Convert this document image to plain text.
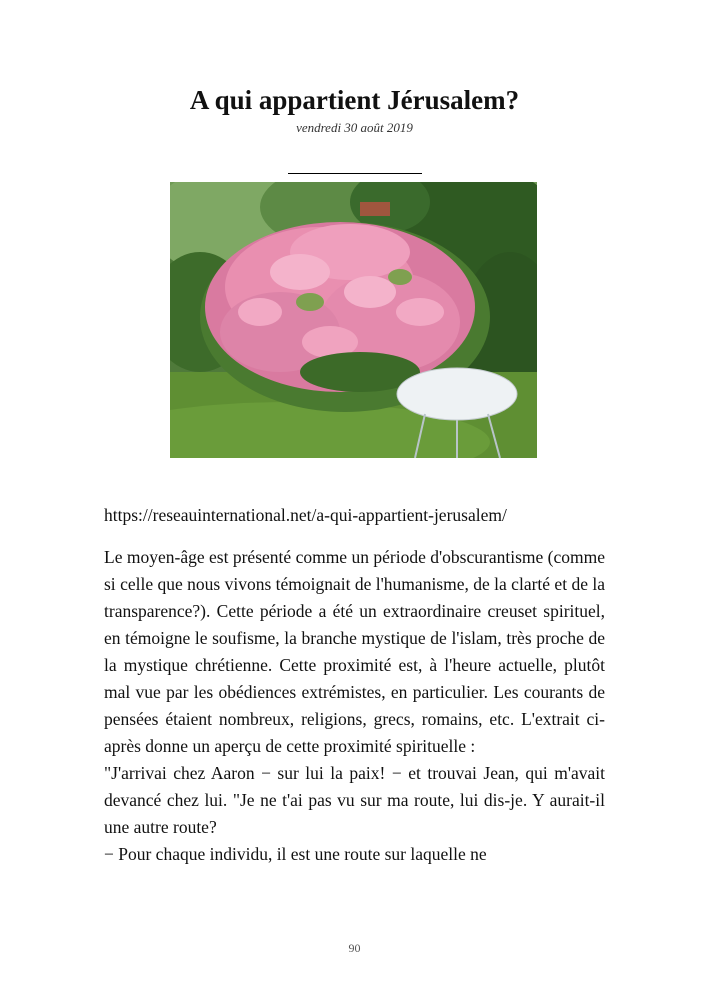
A qui appartient Jérusalem?
vendredi 30 août 2019
https://reseauinternational.net/a-qui-appartient-jerusalem/

Le moyen-âge est présenté comme un période d'obscurantisme (comme si celle que nous vivons témoignait de l'humanisme, de la clarté et de la transparence?). Cette période a été un extraordinaire creuset spirituel, en témoigne le soufisme, la branche mystique de l'islam, très proche de la mystique chrétienne. Cette proximité est, à l'heure actuelle, plutôt mal vue par les obédiences extrémistes, en particulier. Les courants de pensées étaient nombreux, religions, grecs, romains, etc. L'extrait ci-après donne un aperçu de cette proximité spirituelle :

"J'arrivai chez Aaron − sur lui la paix! − et trouvai Jean, qui m'avait devancé chez lui. "Je ne t'ai pas vu sur ma route, lui dis-je. Y aurait-il une autre route?

− Pour chaque individu, il est une route sur laquelle ne

90
